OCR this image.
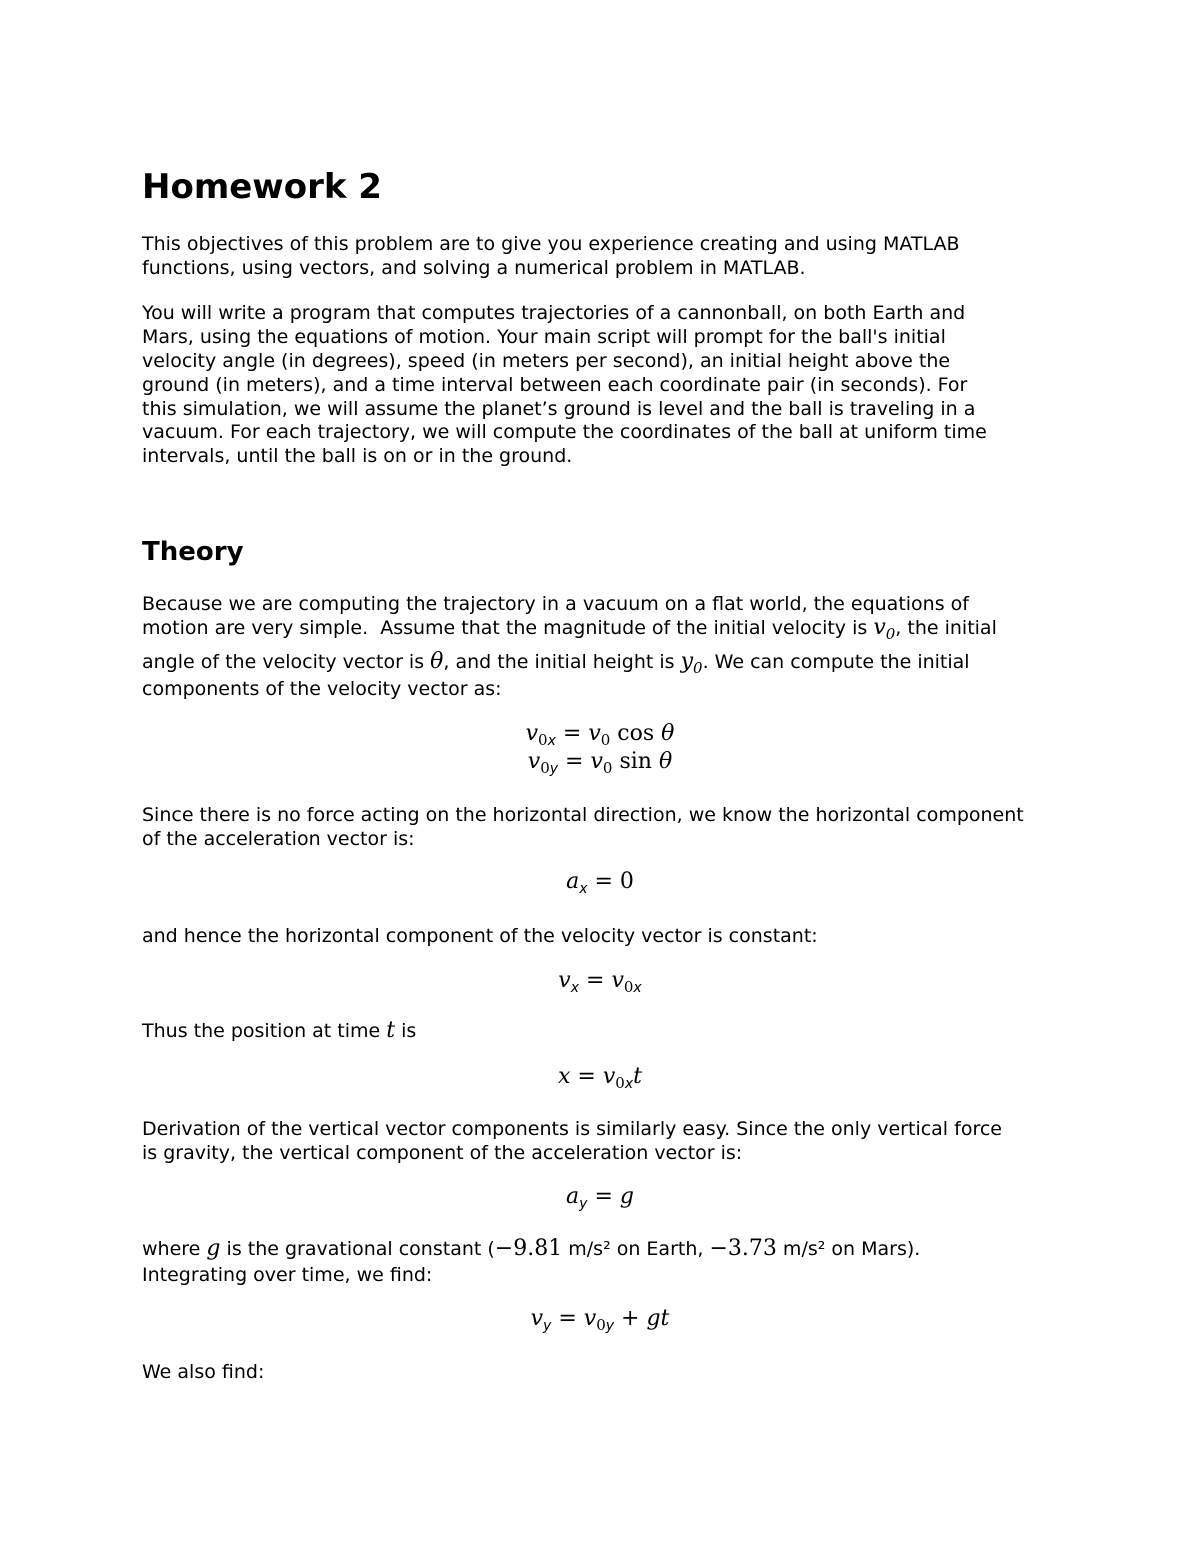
Homework 2
This objectives of this problem are to give you experience creating and using MATLAB
functions, using vectors, and solving a numerical problem in MATLAB.
You will write a program that computes trajectories of a cannonball, on both Earth and
Mars, using the equations of motion. Your main script will prompt for the ball's initial
velocity angle (in degrees), speed (in meters per second), an initial height above the
ground (in meters), and a time interval between each coordinate pair (in seconds). For
this simulation, we will assume the planet’s ground is level and the ball is traveling in a
vacuum. For each trajectory, we will compute the coordinates of the ball at uniform time
intervals, until the ball is on or in the ground.
Theory
Because we are computing the trajectory in a vacuum on a flat world, the equations of
motion are very simple.  Assume that the magnitude of the initial velocity is $v_0$, the initial
angle of the velocity vector is θ, and the initial height is $y_0$. We can compute the initial
components of the velocity vector as:
v0x = v0 cos θ
v0y = v0 sin θ
Since there is no force acting on the horizontal direction, we know the horizontal component
of the acceleration vector is:
ax = 0
and hence the horizontal component of the velocity vector is constant:
vx = v0x
Thus the position at time t is
x = v0xt
Derivation of the vertical vector components is similarly easy. Since the only vertical force
is gravity, the vertical component of the acceleration vector is:
ay = g
where g is the gravational constant (−9.81 m/s² on Earth, −3.73 m/s² on Mars).
Integrating over time, we find:
vy = v0y + gt
We also find:
